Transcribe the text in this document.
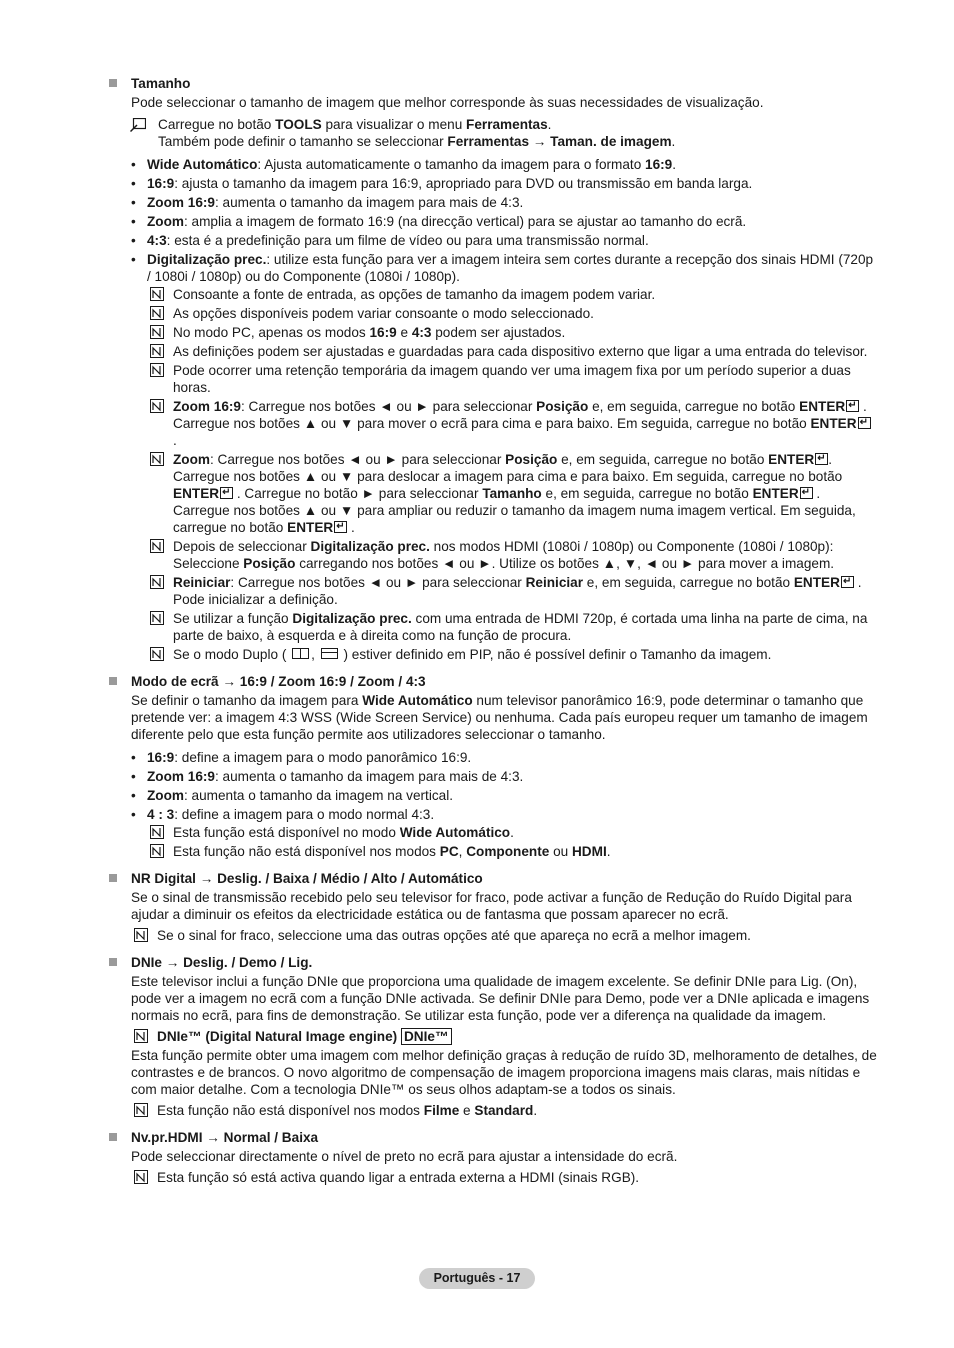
Tamanho
Pode seleccionar o tamanho de imagem que melhor corresponde às suas necessidades de visualização.
Carregue no botão TOOLS para visualizar o menu Ferramentas.
Também pode definir o tamanho se seleccionar Ferramentas → Taman. de imagem.
• Wide Automático: Ajusta automaticamente o tamanho da imagem para o formato 16:9.
• 16:9: ajusta o tamanho da imagem para 16:9, apropriado para DVD ou transmissão em banda larga.
• Zoom 16:9: aumenta o tamanho da imagem para mais de 4:3.
• Zoom: amplia a imagem de formato 16:9 (na direcção vertical) para se ajustar ao tamanho do ecrã.
• 4:3: esta é a predefinição para um filme de vídeo ou para uma transmissão normal.
• Digitalização prec.: utilize esta função para ver a imagem inteira sem cortes durante a recepção dos sinais HDMI (720p / 1080i / 1080p) ou do Componente (1080i / 1080p).
Consoante a fonte de entrada, as opções de tamanho da imagem podem variar.
As opções disponíveis podem variar consoante o modo seleccionado.
No modo PC, apenas os modos 16:9 e 4:3 podem ser ajustados.
As definições podem ser ajustadas e guardadas para cada dispositivo externo que ligar a uma entrada do televisor.
Pode ocorrer uma retenção temporária da imagem quando ver uma imagem fixa por um período superior a duas horas.
Zoom 16:9: Carregue nos botões ◄ ou ► para seleccionar Posição e, em seguida, carregue no botão ENTER↵ . Carregue nos botões ▲ ou ▼ para mover o ecrã para cima e para baixo. Em seguida, carregue no botão ENTER↵ .
Zoom: Carregue nos botões ◄ ou ► para seleccionar Posição e, em seguida, carregue no botão ENTER↵ . Carregue nos botões ▲ ou ▼ para deslocar a imagem para cima e para baixo. Em seguida, carregue no botão ENTER↵ . Carregue no botão ► para seleccionar Tamanho e, em seguida, carregue no botão ENTER↵ . Carregue nos botões ▲ ou ▼ para ampliar ou reduzir o tamanho da imagem numa imagem vertical. Em seguida, carregue no botão ENTER↵ .
Depois de seleccionar Digitalização prec. nos modos HDMI (1080i / 1080p) ou Componente (1080i / 1080p): Seleccione Posição carregando nos botões ◄ ou ►. Utilize os botões ▲, ▼, ◄ ou ► para mover a imagem.
Reiniciar: Carregue nos botões ◄ ou ► para seleccionar Reiniciar e, em seguida, carregue no botão ENTER↵ . Pode inicializar a definição.
Se utilizar a função Digitalização prec. com uma entrada de HDMI 720p, é cortada uma linha na parte de cima, na parte de baixo, à esquerda e à direita como na função de procura.
Se o modo Duplo ( ,  ) estiver definido em PIP, não é possível definir o Tamanho da imagem.
Modo de ecrã → 16:9 / Zoom 16:9 / Zoom / 4:3
Se definir o tamanho da imagem para Wide Automático num televisor panorâmico 16:9, pode determinar o tamanho que pretende ver: a imagem 4:3 WSS (Wide Screen Service) ou nenhuma. Cada país europeu requer um tamanho de imagem diferente pelo que esta função permite aos utilizadores seleccionar o tamanho.
• 16:9: define a imagem para o modo panorâmico 16:9.
• Zoom 16:9: aumenta o tamanho da imagem para mais de 4:3.
• Zoom: aumenta o tamanho da imagem na vertical.
• 4 : 3: define a imagem para o modo normal 4:3.
Esta função está disponível no modo Wide Automático.
Esta função não está disponível nos modos PC, Componente ou HDMI.
NR Digital → Deslig. / Baixa / Médio / Alto / Automático
Se o sinal de transmissão recebido pelo seu televisor for fraco, pode activar a função de Redução do Ruído Digital para ajudar a diminuir os efeitos da electricidade estática ou de fantasma que possam aparecer no ecrã.
Se o sinal for fraco, seleccione uma das outras opções até que apareça no ecrã a melhor imagem.
DNIe → Deslig. / Demo / Lig.
Este televisor inclui a função DNIe que proporciona uma qualidade de imagem excelente. Se definir DNIe para Lig. (On), pode ver a imagem no ecrã com a função DNIe activada. Se definir DNIe para Demo, pode ver a DNIe aplicada e imagens normais no ecrã, para fins de demonstração. Se utilizar esta função, pode ver a diferença na qualidade da imagem.
DNIe™ (Digital Natural Image engine) DNIe™
Esta função permite obter uma imagem com melhor definição graças à redução de ruído 3D, melhoramento de detalhes, de contrastes e de brancos. O novo algoritmo de compensação de imagem proporciona imagens mais claras, mais nítidas e com maior detalhe. Com a tecnologia DNIe™ os seus olhos adaptam-se a todos os sinais.
Esta função não está disponível nos modos Filme e Standard.
Nv.pr.HDMI → Normal / Baixa
Pode seleccionar directamente o nível de preto no ecrã para ajustar a intensidade do ecrã.
Esta função só está activa quando ligar a entrada externa a HDMI (sinais RGB).
Português - 17
